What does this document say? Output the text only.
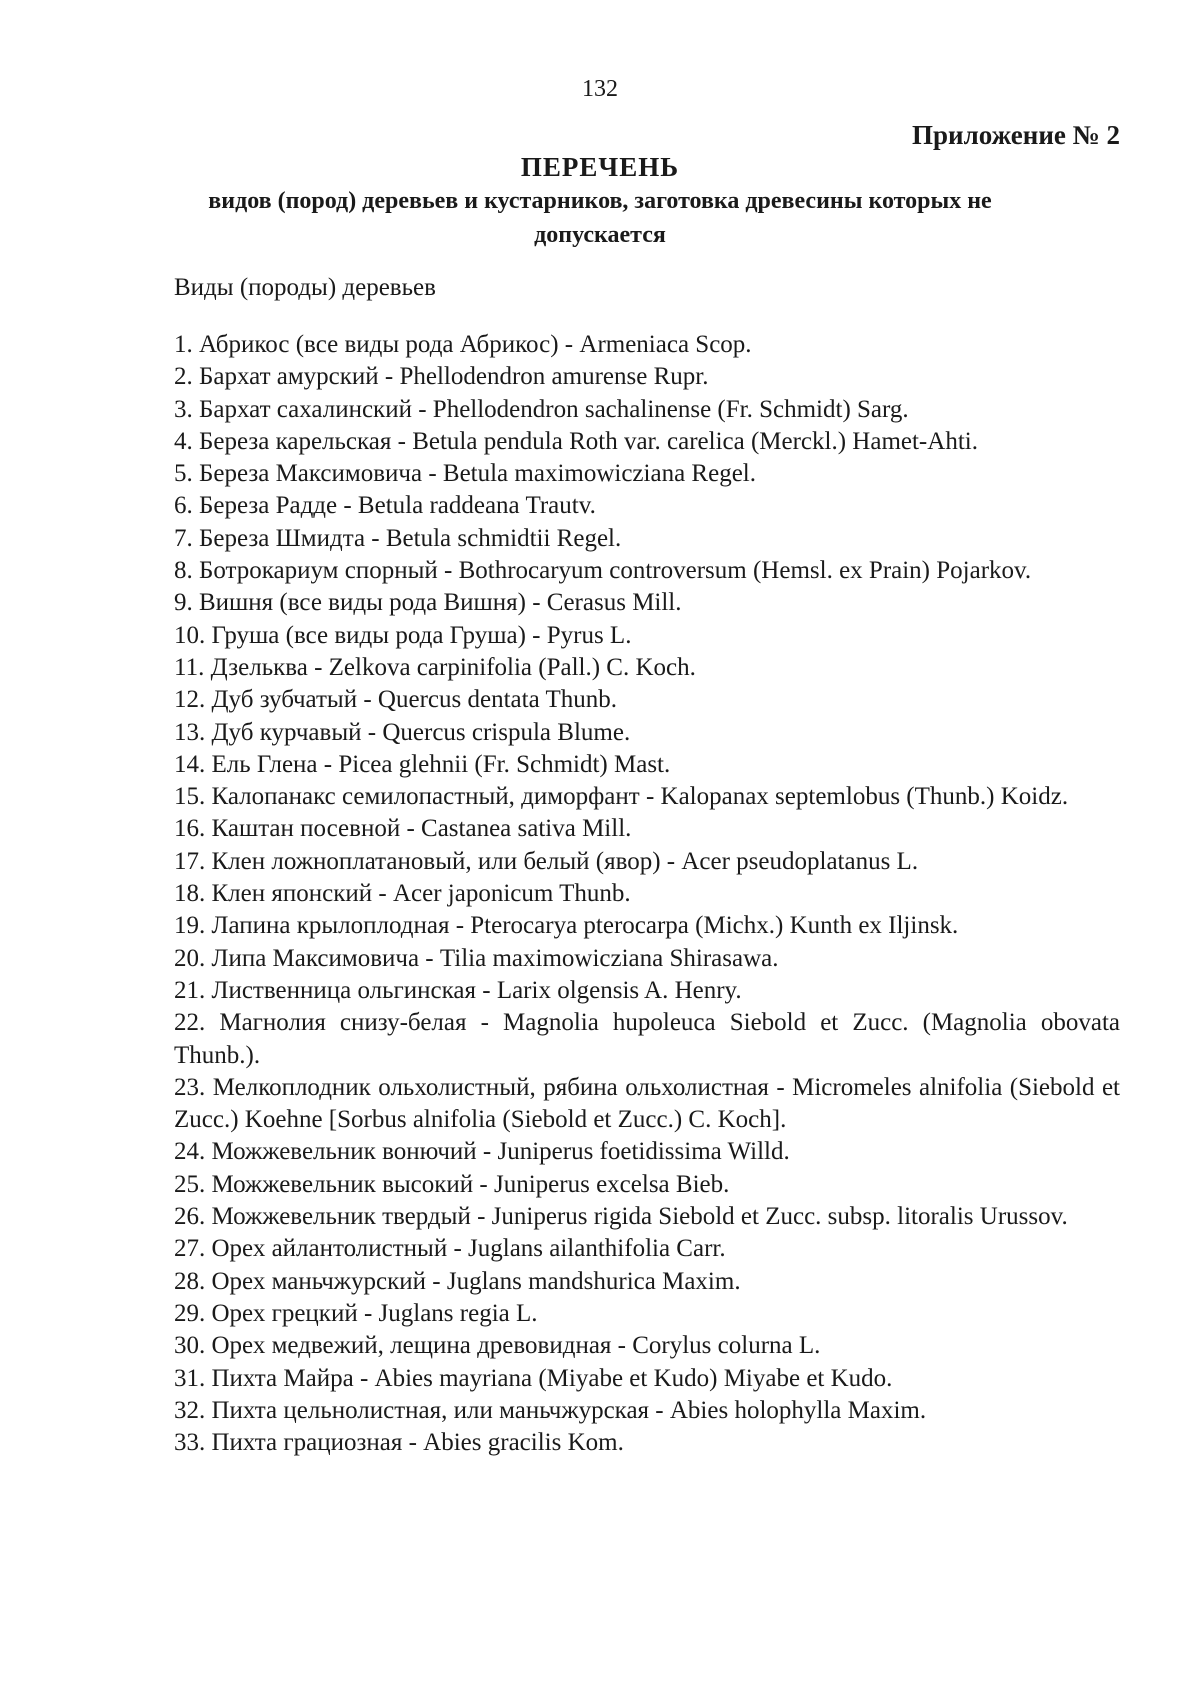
132
Приложение № 2
ПЕРЕЧЕНЬ
видов (пород) деревьев и кустарников, заготовка древесины которых не допускается
Виды (породы) деревьев
1. Абрикос (все виды рода Абрикос) - Armeniaca Scop.
2. Бархат амурский - Phellodendron amurense Rupr.
3. Бархат сахалинский - Phellodendron sachalinense (Fr. Schmidt) Sarg.
4. Береза карельская - Betula pendula Roth var. carelica (Merckl.) Hamet-Ahti.
5. Береза Максимовича - Betula maximowicziana Regel.
6. Береза Радде - Betula raddeana Trautv.
7. Береза Шмидта - Betula schmidtii Regel.
8. Ботрокариум спорный - Bothrocaryum controversum (Hemsl. ex Prain) Pojarkov.
9. Вишня (все виды рода Вишня) - Cerasus Mill.
10. Груша (все виды рода Груша) - Pyrus L.
11. Дзельква - Zelkova carpinifolia (Pall.) C. Koch.
12. Дуб зубчатый - Quercus dentata Thunb.
13. Дуб курчавый - Quercus crispula Blume.
14. Ель Глена - Picea glehnii (Fr. Schmidt) Mast.
15. Калопанакс семилопастный, диморфант - Kalopanax septemlobus (Thunb.) Koidz.
16. Каштан посевной - Castanea sativa Mill.
17. Клен ложноплатановый, или белый (явор) - Acer pseudoplatanus L.
18. Клен японский - Acer japonicum Thunb.
19. Лапина крылоплодная - Pterocarya pterocarpa (Michx.) Kunth ex Iljinsk.
20. Липа Максимовича - Tilia maximowicziana Shirasawa.
21. Лиственница ольгинская - Larix olgensis A. Henry.
22. Магнолия снизу-белая - Magnolia hupoleuca Siebold et Zucc. (Magnolia obovata Thunb.).
23. Мелкоплодник ольхолистный, рябина ольхолистная - Micromeles alnifolia (Siebold et Zucc.) Koehne [Sorbus alnifolia (Siebold et Zucc.) C. Koch].
24. Можжевельник вонючий - Juniperus foetidissima Willd.
25. Можжевельник высокий - Juniperus excelsa Bieb.
26. Можжевельник твердый - Juniperus rigida Siebold et Zucc. subsp. litoralis Urussov.
27. Орех айлантолистный - Juglans ailanthifolia Carr.
28. Орех маньчжурский - Juglans mandshurica Maxim.
29. Орех грецкий - Juglans regia L.
30. Орех медвежий, лещина древовидная - Corylus colurna L.
31. Пихта Майра - Abies mayriana (Miyabe et Kudo) Miyabe et Kudo.
32. Пихта цельнолистная, или маньчжурская - Abies holophylla Maxim.
33. Пихта грациозная - Abies gracilis Kom.
